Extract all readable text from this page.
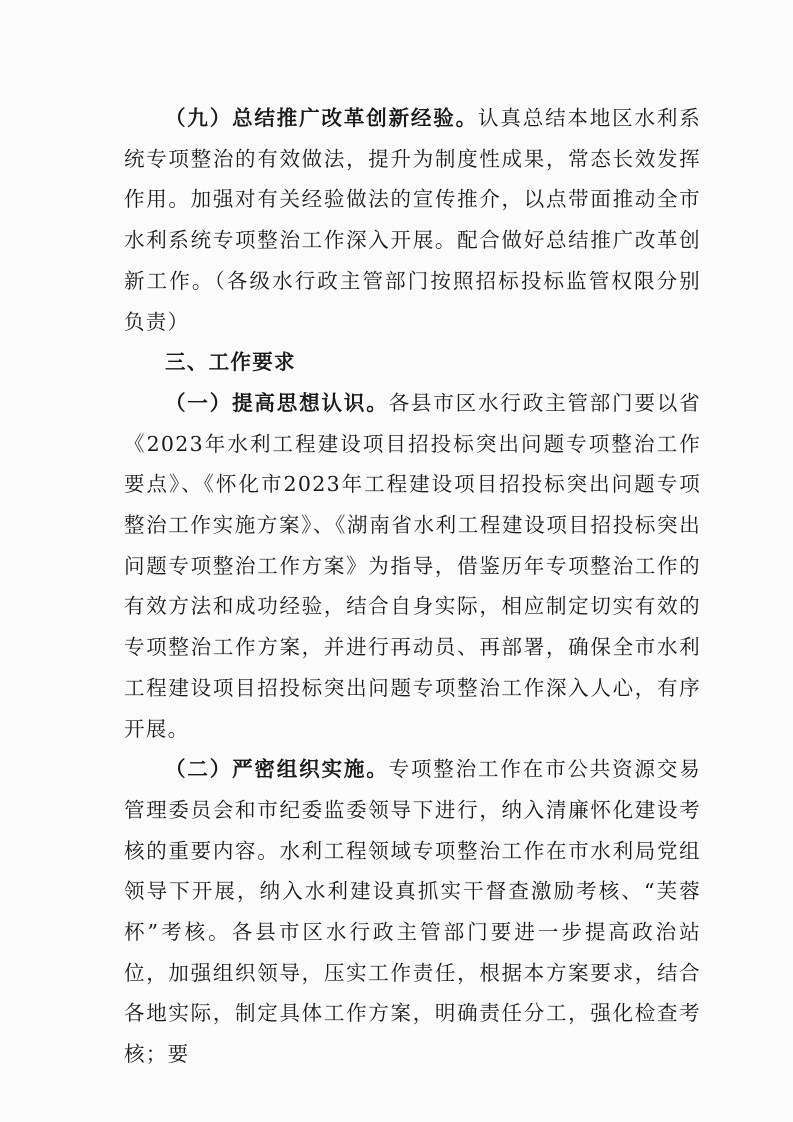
（九）总结推广改革创新经验。认真总结本地区水利系统专项整治的有效做法，提升为制度性成果，常态长效发挥作用。加强对有关经验做法的宣传推介，以点带面推动全市水利系统专项整治工作深入开展。配合做好总结推广改革创新工作。（各级水行政主管部门按照招标投标监管权限分别负责）

三、工作要求

（一）提高思想认识。各县市区水行政主管部门要以省《2023年水利工程建设项目招投标突出问题专项整治工作要点》、《怀化市2023年工程建设项目招投标突出问题专项整治工作实施方案》、《湖南省水利工程建设项目招投标突出问题专项整治工作方案》为指导，借鉴历年专项整治工作的有效方法和成功经验，结合自身实际，相应制定切实有效的专项整治工作方案，并进行再动员、再部署，确保全市水利工程建设项目招投标突出问题专项整治工作深入人心，有序开展。

（二）严密组织实施。专项整治工作在市公共资源交易管理委员会和市纪委监委领导下进行，纳入清廉怀化建设考核的重要内容。水利工程领域专项整治工作在市水利局党组领导下开展，纳入水利建设真抓实干督查激励考核、“芙蓉杯”考核。各县市区水行政主管部门要进一步提高政治站位，加强组织领导，压实工作责任，根据本方案要求，结合各地实际，制定具体工作方案，明确责任分工，强化检查考核；要
